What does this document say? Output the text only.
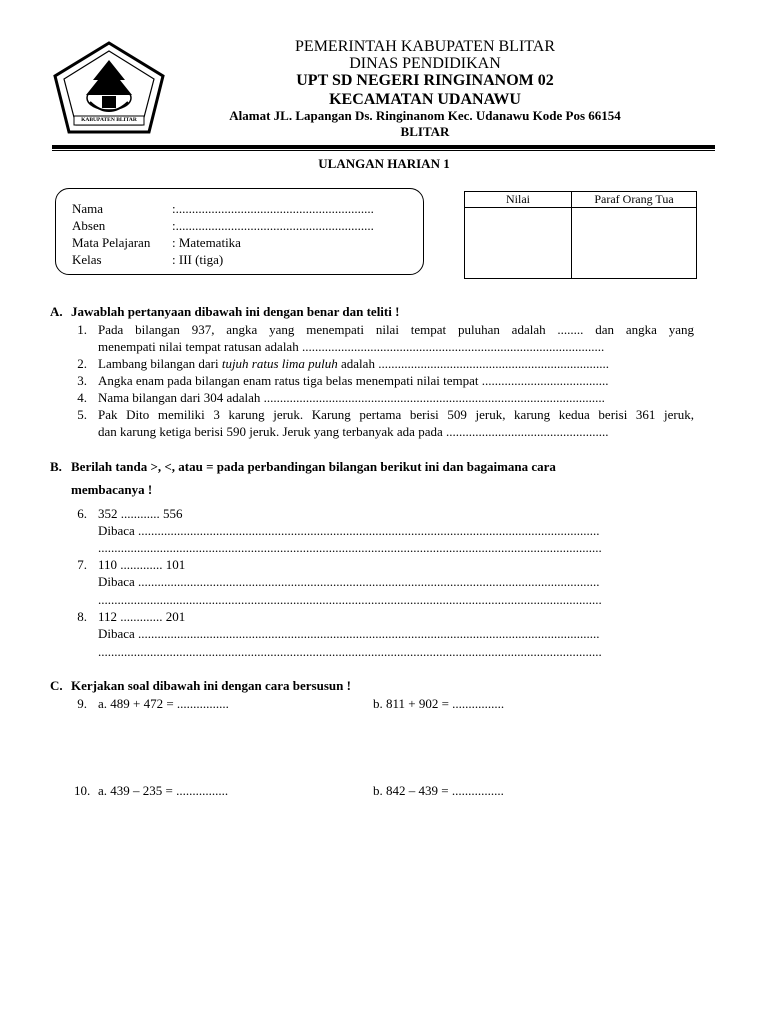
KABUPATEN BLITAR
PEMERINTAH KABUPATEN BLITAR
DINAS PENDIDIKAN
UPT SD NEGERI RINGINANOM 02
KECAMATAN UDANAWU
Alamat JL. Lapangan Ds. Ringinanom Kec. Udanawu Kode Pos 66154
BLITAR
ULANGAN HARIAN 1
Nama	:.............................................................
Absen	:.............................................................
Mata Pelajaran : Matematika
Kelas	: III (tiga)
Nilai	Paraf Orang Tua

A. Jawablah pertanyaan dibawah ini dengan benar dan teliti !
1. Pada bilangan 937, angka yang menempati nilai tempat puluhan adalah ........ dan angka yang
menempati nilai tempat ratusan adalah .............................................................................................
2. Lambang bilangan dari tujuh ratus lima puluh adalah .......................................................................
3. Angka enam pada bilangan enam ratus tiga belas menempati nilai tempat .......................................
4. Nama bilangan dari 304 adalah .........................................................................................................
5. Pak Dito memiliki 3 karung jeruk. Karung pertama berisi 509 jeruk, karung kedua berisi 361 jeruk,
dan karung ketiga berisi 590 jeruk. Jeruk yang terbanyak ada pada ..................................................
B. Berilah tanda >, <, atau = pada perbandingan bilangan berikut ini dan bagaimana cara
membacanya !
6. 352 ............ 556
Dibaca ..............................................................................................................................................
...........................................................................................................................................................
7. 110 ............. 101
Dibaca ..............................................................................................................................................
...........................................................................................................................................................
8. 112 ............. 201
Dibaca ..............................................................................................................................................
...........................................................................................................................................................
C. Kerjakan soal dibawah ini dengan cara bersusun !
9. a. 489 + 472 = ................	b. 811 + 902 = ................
10. a. 439 – 235 = ................	b. 842 – 439 = ................
